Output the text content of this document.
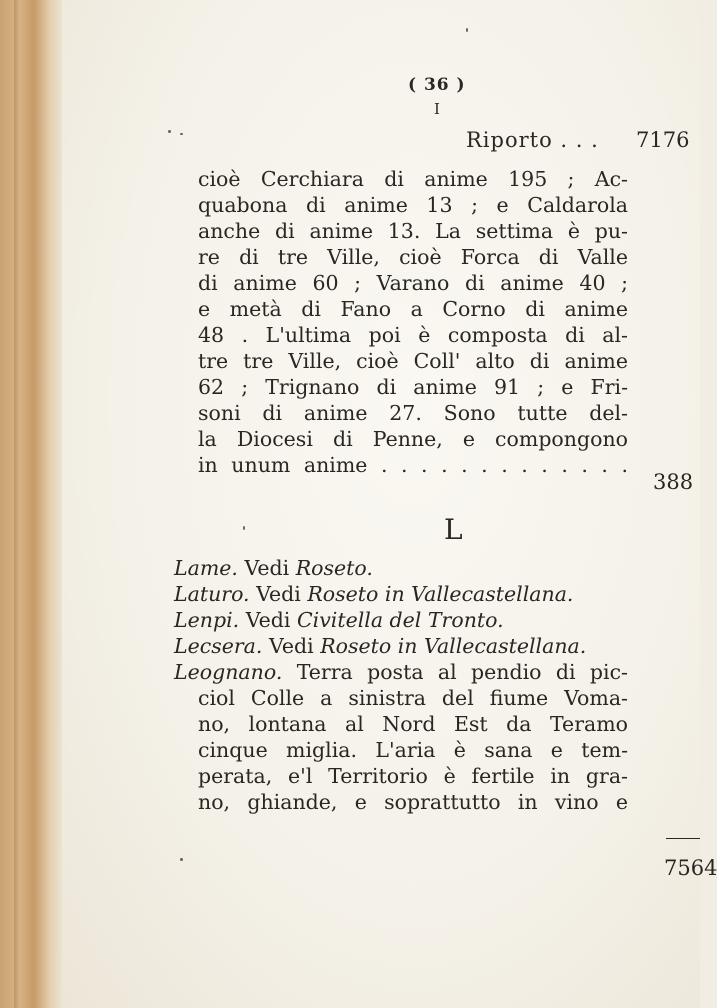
( 36 )
I
Riporto . . . 7176
cioè Cerchiara di anime 195 ; Ac-
quabona di anime 13 ; e Caldarola
anche di anime 13. La settima è pu-
re di tre Ville, cioè Forca di Valle
di anime 60 ; Varano di anime 40 ;
e metà di Fano a Corno di anime
48 . L'ultima poi è composta di al-
tre tre Ville, cioè Coll' alto di anime
62 ; Trignano di anime 91 ; e Fri-
soni di anime 27. Sono tutte del-
la Diocesi di Penne, e compongono
in unum anime . . . . . . . . . . . . .
388
L
Lame. Vedi Roseto.
Laturo. Vedi Roseto in Vallecastellana.
Lenpi. Vedi Civitella del Tronto.
Lecsera. Vedi Roseto in Vallecastellana.
Leognano. Terra posta al pendio di pic-
ciol Colle a sinistra del fiume Voma-
no, lontana al Nord Est da Teramo
cinque miglia. L'aria è sana e tem-
perata, e'l Territorio è fertile in gra-
no, ghiande, e soprattutto in vino e
7564
